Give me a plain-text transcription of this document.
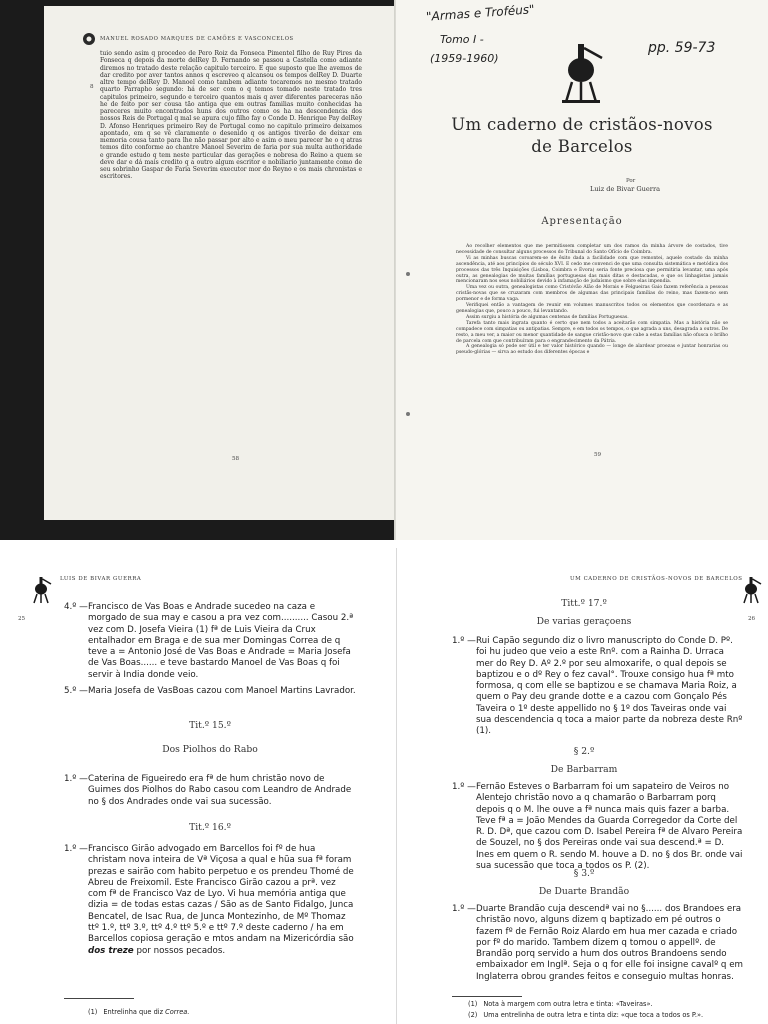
MANUEL ROSADO MARQUES DE CAMÕES E VASCONCELOS
8
tuio sendo asim q procedeo de Pero Roiz da Fonseca Pimentel filho de Ruy Pires da Fonseca q depois da morte delRey D. Fernando se passou a Castella como adiante diremos no tratado deste relação capitulo terceiro. E que suposto que lhe avemos de dar credito por aver tantos annos q escreveo q alcansou os tempos delRey D. Duarte altre tempo delRey D. Manoel como tambem adiante tocaremos no mesmo tratado quarto Parrapho segundo: há de ser com o q temos tomado neste tratado tres capitulos primeiro, segundo e terceiro quantos mais q aver diferentes pareceras não he de feito por ser cousa tão antiga que em outras familias muito conhecidas ha pareceres muito encontrados huns dos outros como os ha na descendencia dos nossos Reis de Portugal q mal se apura cujo filho fay o Conde D. Henrique Pay delRey D. Afonso Henriques primeiro Rey de Portugal como no capitulo primeiro deixamos apontado, em q se vê claramente o desenido q os antigos tiverão de deixar em memoria cousa tanto para lhe não passar por alto e asim o meu parecer he o q atras temos dito conforme ao chantre Manoel Severim de faria por sua multa authoridade e grande estudo q tem neste particular das gerações e nobresa do Reino a quem se deve dar e dá mais credito q a outro algum escritor e nobiliario juntamente como de seu sobrinho Gaspar de Faria Severim executor mor do Reyno e os mais chronistas e escritores.
58
"Armas e Troféus"
Tomo I -
(1959-1960)
pp. 59-73
Um caderno de cristãos-novos
de Barcelos
Por
Luiz de Bivar Guerra
Apresentação

Ao recolher elementos que me permitissem completar um dos ramos da minha árvore de costados, tive necessidade de consultar alguns processos do Tribunal do Santo Ofício de Coimbra.

Vi as minhas buscas coroarem-se de êxito dada a facilidade com que remontei, aquele costado da minha ascendência, até aos princípios do século XVI. E cedo me convenci de que uma consulta sistemática e metódica dos processos das três Inquisições (Lisboa, Coimbra e Évora) seria fonte preciosa que permitiria levantar, uma após outra, as genealogias de muitas famílias portuguesas das mais ditas e destacadas, e que os linhagistas jamais mencionaram nos seus nobiliários devido à infamação de judaísmo que sobre elas impendia.

Uma vez ou outra, genealogistas como Cristóvão Alão de Morais e Felgueiras Gaio fazem referência a pessoas cristãs-novas que se cruzaram com membros de algumas das principais famílias do reino, mas fazem-no sem pormenor e de forma vaga.

Verifiquei então a vantagem de reunir em volumes manuscritos todos os elementos que coordenara e as genealogias que, pouco a pouco, fui levantando.

Assim surgiu a história de algumas centenas de famílias Portuguesas.

Tarefa tanto mais ingrata quanto é certo que nem todos a aceitarão com simpatia. Mas a história não se compadece com simpatias ou antipatias. Sempre, e em todos os tempos, o que agrada a uns, desagrada a outros. De resto, a meu ver, a maior ou menor quantidade de sangue cristão-novo que cabe a estas famílias não ofusca o brilho de parcela com que contribuíram para o engrandecimento da Pátria.

A genealogia só pode ser útil e ter valor histórico quando — longe de alardear proezas e juntar honrarias ou pseudo-glórias — sirva ao estudo dos diferentes épocas e

59
LUIS DE BIVAR GUERRA
25
4.º — Francisco de Vas Boas e Andrade sucedeo na caza e morgado de sua may e casou a pra vez com.......... Casou 2.ª vez com D. Josefa Vieira (1) fª de Luis Vieira da Crux entalhador em Braga e de sua mer Domingas Correa de q teve a = Antonio José de Vas Boas e Andrade = Maria Josefa de Vas Boas...... e teve bastardo Manoel de Vas Boas q foi servir à India donde veio.
5.º — Maria Josefa de VasBoas cazou com Manoel Martins Lavrador.
Tit.º 15.º
Dos Piolhos do Rabo
1.º — Caterina de Figueiredo era fª de hum christão novo de Guimes dos Piolhos do Rabo casou com Leandro de Andrade no § dos Andrades onde vai sua sucessão.
Tit.º 16.º
1.º — Francisco Girão advogado em Barcellos foi fº de hua christam nova inteira de Vª Viçosa a qual e hũa sua fª foram prezas e sairão com habito perpetuo e os prendeu Thomé de Abreu de Freixomil. Este Francisco Girão cazou a prª. vez com fª de Francisco Vaz de Lyo. Vi hua memória antiga que dizia = de todas estas cazas / São as de Santo Fidalgo, Junca Bencatel, de Isac Rua, de Junca Montezinho, de Mº Thomaz ttº 1.º, ttº 3.º, ttº 4.º ttº 5.º e ttº 7.º deste caderno / ha em Barcellos copiosa geração e mtos andam na Mizericórdia são dos treze por nossos pecados.
(1) Entrelinha que diz Correa.
UM CADERNO DE CRISTÃOS-NOVOS DE BARCELOS
26
Titt.º 17.º
De varias geraçoens
1.º — Rui Capão segundo diz o livro manuscripto do Conde D. Pº. foi hu judeo que veio a este Rnº. com a Rainha D. Urraca mer do Rey D. Aº 2.º por seu almoxarife, o qual depois se baptizou e o dº Rey o fez caval°. Trouxe consigo hua fª mto formosa, q com elle se baptizou e se chamava Maria Roiz, a quem o Pay deu grande dotte e a cazou com Gonçalo Pés Taveira o 1º deste appellido no § 1º dos Taveiras onde vai sua descendencia q toca a maior parte da nobreza deste Rnº (1).
§ 2.º
De Barbarram
1.º — Fernão Esteves o Barbarram foi um sapateiro de Veiros no Alentejo christão novo a q chamarão o Barbarram porq depois q o M. lhe ouve a fª nunca mais quis fazer a barba. Teve fª a = João Mendes da Guarda Corregedor da Corte del R. D. Dª, que cazou com D. Isabel Pereira fª de Alvaro Pereira de Souzel, no § dos Pereiras onde vai sua descend.ª = D. Ines em quem o R. sendo M. houve a D. no § dos Br. onde vai sua sucessão que toca a todos os P. (2).
§ 3.º
De Duarte Brandão
1.º — Duarte Brandão cuja descendª vai no §...... dos Brandoes era christão novo, alguns dizem q baptizado em pé outros o fazem fº de Fernão Roiz Alardo em hua mer cazada e criado por fº do marido. Tambem dizem q tomou o appellº. de Brandão porq servido a hum dos outros Brandoens sendo embaixador em Inglª. Seja o q for elle foi insigne cavalº q em Inglaterra obrou grandes feitos e conseguio multas honras.
(1) Nota à margem com outra letra e tinta: «Taveiras».
(2) Uma entrelinha de outra letra e tinta diz: «que toca a todos os P.».
